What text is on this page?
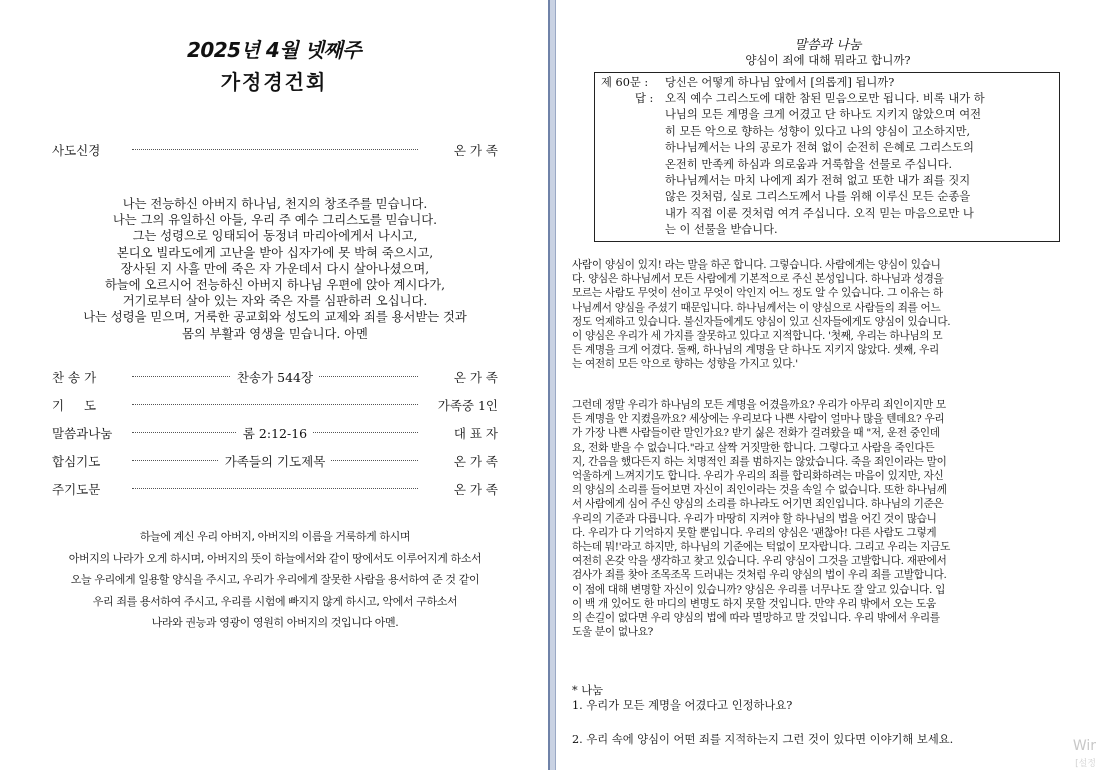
2025년 4월 넷째주
가정경건회
사도신경	온 가 족
나는 전능하신 아버지 하나님, 천지의 창조주를 믿습니다.
나는 그의 유일하신 아들, 우리 주 예수 그리스도를 믿습니다.
그는 성령으로 잉태되어 동정녀 마리아에게서 나시고,
본디오 빌라도에게 고난을 받아 십자가에 못 박혀 죽으시고,
장사된 지 사흘 만에 죽은 자 가운데서 다시 살아나셨으며,
하늘에 오르시어 전능하신 아버지 하나님 우편에 앉아 계시다가,
거기로부터 살아 있는 자와 죽은 자를 심판하러 오십니다.
나는 성령을 믿으며, 거룩한 공교회와 성도의 교제와 죄를 용서받는 것과
몸의 부활과 영생을 믿습니다. 아멘
찬 송 가	찬송가 544장	온 가 족
기     도	가족중 1인
말씀과나눔	롬 2:12-16	대 표 자
합심기도	가족들의 기도제목	온 가 족
주기도문	온 가 족
하늘에 계신 우리 아버지, 아버지의 이름을 거룩하게 하시며
아버지의 나라가 오게 하시며, 아버지의 뜻이 하늘에서와 같이 땅에서도 이루어지게 하소서
오늘 우리에게 일용할 양식을 주시고, 우리가 우리에게 잘못한 사람을 용서하여 준 것 같이
우리 죄를 용서하여 주시고, 우리를 시험에 빠지지 않게 하시고, 악에서 구하소서
나라와 권능과 영광이 영원히 아버지의 것입니다 아멘.
말씀과 나눔
양심이 죄에 대해 뭐라고 합니까?
제 60문 : 당신은 어떻게 하나님 앞에서 [의롭게] 됩니까?
답 : 오직 예수 그리스도에 대한 참된 믿음으로만 됩니다. 비록 내가 하
나님의 모든 계명을 크게 어겼고 단 하나도 지키지 않았으며 여전
히 모든 악으로 향하는 성향이 있다고 나의 양심이 고소하지만,
하나님께서는 나의 공로가 전혀 없이 순전히 은혜로 그리스도의
온전히 만족케 하심과 의로움과 거룩함을 선물로 주십니다.
하나님께서는 마치 나에게 죄가 전혀 없고 또한 내가 죄를 짓지
않은 것처럼, 실로 그리스도께서 나를 위해 이루신 모든 순종을
내가 직접 이룬 것처럼 여겨 주십니다. 오직 믿는 마음으로만 나
는 이 선물을 받습니다.
사람이 양심이 있지! 라는 말을 하곤 합니다. 그렇습니다. 사람에게는 양심이 있습니
다. 양심은 하나님께서 모든 사람에게 기본적으로 주신 본성입니다. 하나님과 성경을
모르는 사람도 무엇이 선이고 무엇이 악인지 어느 정도 알 수 있습니다. 그 이유는 하
나님께서 양심을 주셨기 때문입니다. 하나님께서는 이 양심으로 사람들의 죄를 어느
정도 억제하고 있습니다. 불신자들에게도 양심이 있고 신자들에게도 양심이 있습니다.
이 양심은 우리가 세 가지를 잘못하고 있다고 지적합니다. '첫째, 우리는 하나님의 모
든 계명을 크게 어겼다. 둘째, 하나님의 계명을 단 하나도 지키지 않았다. 셋째, 우리
는 여전히 모든 악으로 향하는 성향을 가지고 있다.'
그런데 정말 우리가 하나님의 모든 계명을 어겼을까요? 우리가 아무리 죄인이지만 모
든 계명을 안 지켰을까요? 세상에는 우리보다 나쁜 사람이 얼마나 많을 텐데요? 우리
가 가장 나쁜 사람들이란 말인가요? 받기 싫은 전화가 걸려왔을 때 "저, 운전 중인데
요, 전화 받을 수 없습니다."라고 살짝 거짓말한 합니다. 그렇다고 사람을 죽인다든
지, 간음을 했다든지 하는 치명적인 죄를 범하지는 않았습니다. 죽을 죄인이라는 말이
억울하게 느껴지기도 합니다. 우리가 우리의 죄를 합리화하려는 마음이 있지만, 자신
의 양심의 소리를 들어보면 자신이 죄인이라는 것을 속일 수 없습니다. 또한 하나님께
서 사람에게 심어 주신 양심의 소리를 하나라도 어기면 죄인입니다. 하나님의 기준은
우리의 기준과 다릅니다. 우리가 마땅히 지켜야 할 하나님의 법을 어긴 것이 많습니
다. 우리가 다 기억하지 못할 뿐입니다. 우리의 양심은 '괜찮아! 다른 사람도 그렇게
하는데 뭐!'라고 하지만, 하나님의 기준에는 턱없이 모자랍니다. 그리고 우리는 지금도
여전히 온갖 악을 생각하고 찾고 있습니다. 우리 양심이 그것을 고발합니다. 재판에서
검사가 죄를 찾아 조목조목 드러내는 것처럼 우리 양심의 법이 우리 죄를 고발합니다.
이 점에 대해 변명할 자신이 있습니까? 양심은 우리를 너무나도 잘 알고 있습니다. 입
이 백 개 있어도 한 마디의 변명도 하지 못할 것입니다. 만약 우리 밖에서 오는 도움
의 손길이 없다면 우리 양심의 법에 따라 멸망하고 말 것입니다. 우리 밖에서 우리를
도울 분이 없나요?
* 나눔
1. 우리가 모든 계명을 어겼다고 인정하나요?
2. 우리 속에 양심이 어떤 죄를 지적하는지 그런 것이 있다면 이야기해 보세요.	Wir
[설정
